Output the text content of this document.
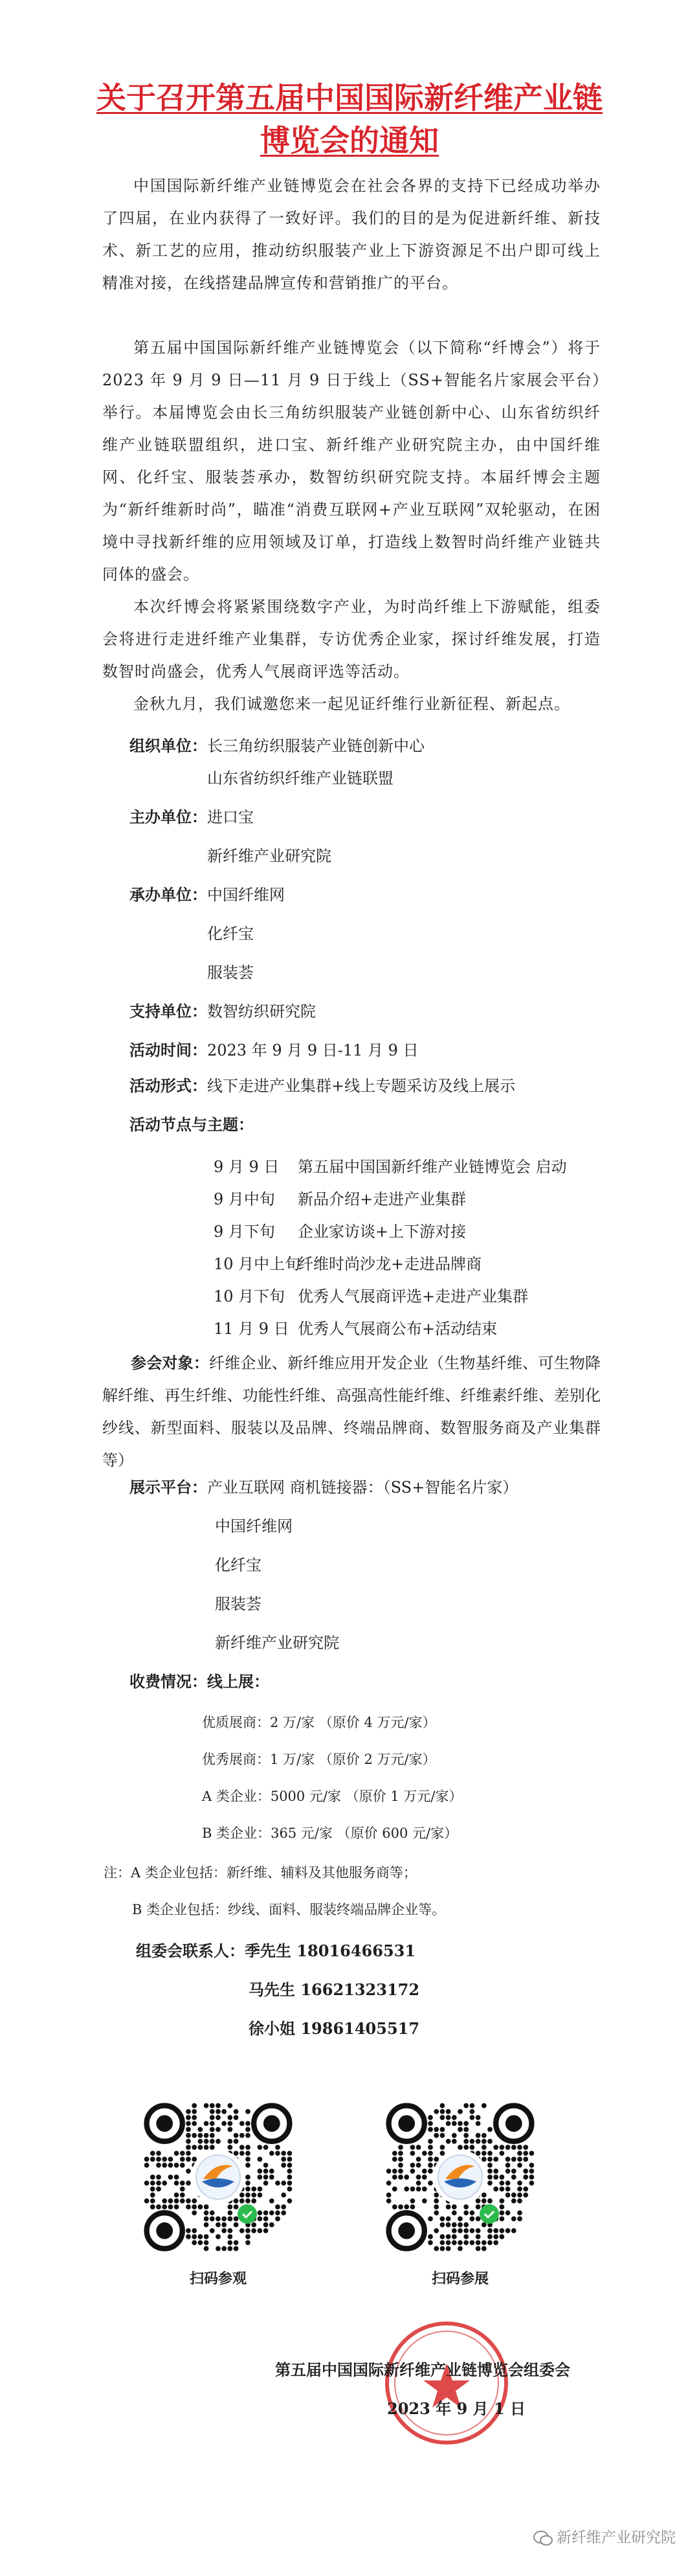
关于召开第五届中国国际新纤维产业链
博览会的通知

中国国际新纤维产业链博览会在社会各界的支持下已经成功举办了四届，在业内获得了一致好评。我们的目的是为促进新纤维、新技术、新工艺的应用，推动纺织服装产业上下游资源足不出户即可线上精准对接，在线搭建品牌宣传和营销推广的平台。

第五届中国国际新纤维产业链博览会（以下简称“纤博会”）将于 2023 年 9 月 9 日—11 月 9 日于线上（SS+智能名片家展会平台）举行。本届博览会由长三角纺织服装产业链创新中心、山东省纺织纤维产业链联盟组织，进口宝、新纤维产业研究院主办，由中国纤维网、化纤宝、服装荟承办，数智纺织研究院支持。本届纤博会主题为“新纤维新时尚”，瞄准“消费互联网+产业互联网”双轮驱动，在困境中寻找新纤维的应用领域及订单，打造线上数智时尚纤维产业链共同体的盛会。

本次纤博会将紧紧围绕数字产业，为时尚纤维上下游赋能，组委会将进行走进纤维产业集群，专访优秀企业家，探讨纤维发展，打造数智时尚盛会，优秀人气展商评选等活动。

金秋九月，我们诚邀您来一起见证纤维行业新征程、新起点。

组织单位：长三角纺织服装产业链创新中心
山东省纺织纤维产业链联盟
主办单位：进口宝
新纤维产业研究院
承办单位：中国纤维网
化纤宝
服装荟
支持单位：数智纺织研究院
活动时间：2023 年 9 月 9 日-11 月 9 日
活动形式：线下走进产业集群+线上专题采访及线上展示
活动节点与主题：
9 月 9 日 第五届中国国新纤维产业链博览会 启动
9 月中旬 新品介绍+走进产业集群
9 月下旬 企业家访谈+上下游对接
10 月中上旬纤维时尚沙龙+走进品牌商
10 月下旬 优秀人气展商评选+走进产业集群
11 月 9 日 优秀人气展商公布+活动结束

参会对象：纤维企业、新纤维应用开发企业（生物基纤维、可生物降解纤维、再生纤维、功能性纤维、高强高性能纤维、纤维素纤维、差别化纱线、新型面料、服装以及品牌、终端品牌商、数智服务商及产业集群等）

展示平台：产业互联网 商机链接器：（SS+智能名片家）
中国纤维网
化纤宝
服装荟
新纤维产业研究院
收费情况：线上展：
优质展商：2 万/家 （原价 4 万元/家）
优秀展商：1 万/家 （原价 2 万元/家）
A 类企业：5000 元/家 （原价 1 万元/家）
B 类企业：365 元/家 （原价 600 元/家）
注：A 类企业包括：新纤维、辅料及其他服务商等；
B 类企业包括：纱线、面料、服装终端品牌企业等。
组委会联系人：季先生 18016466531
马先生 16621323172
徐小姐 19861405517
扫码参观	扫码参展
第五届中国国际新纤维产业链博览会组委会
2023 年 9 月 1 日
新纤维产业研究院
